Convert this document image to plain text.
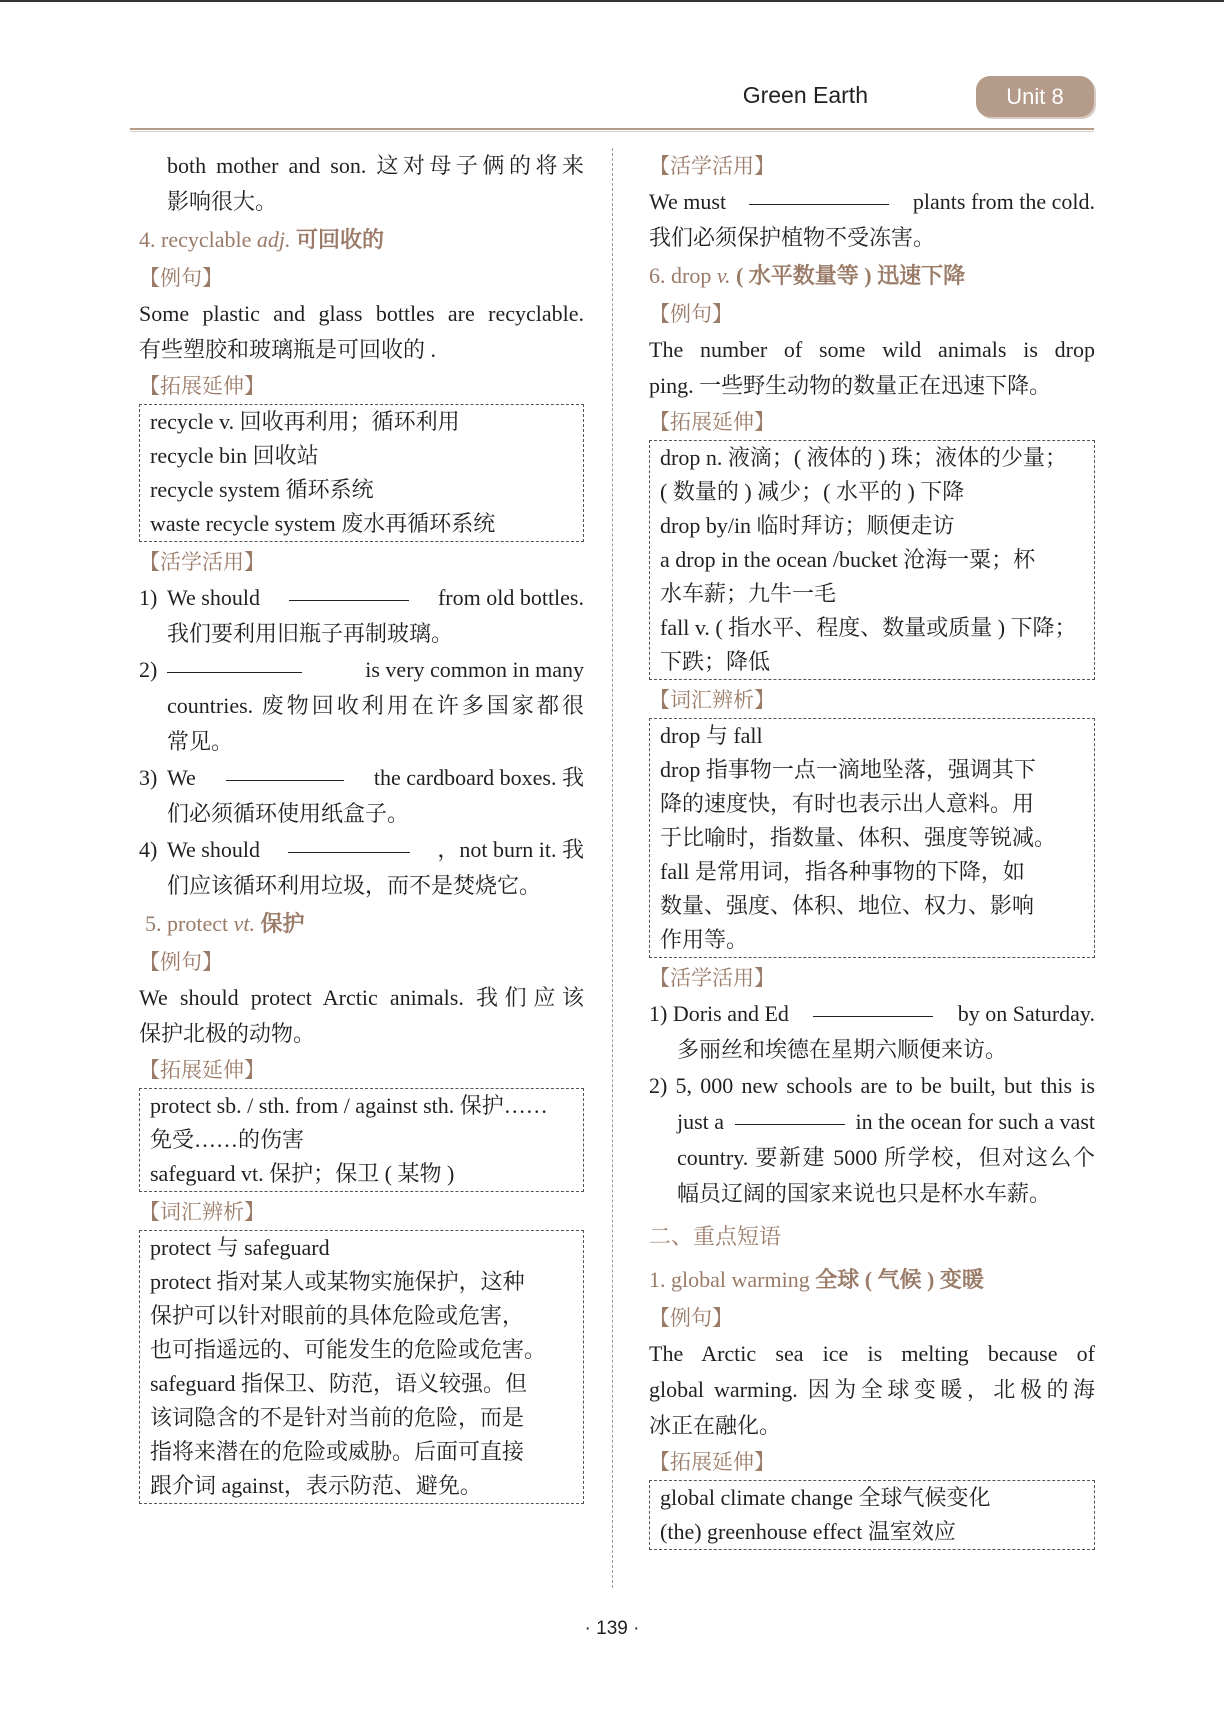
Green Earth	Unit 8

both mother and son. 这对母子俩的将来

影响很大。

4. recyclable adj. 可回收的
【例句】

Some plastic and glass bottles are recyclable.

有些塑胶和玻璃瓶是可回收的 .

【拓展延伸】

recycle v. 回收再利用；循环利用

recycle bin 回收站

recycle system 循环系统

waste recycle system 废水再循环系统

【活学活用】
1) We should	from old bottles.

我们要利用旧瓶子再制玻璃。

2)	is very common in many

countries. 废物回收利用在许多国家都很

常见。

3) We	the cardboard boxes. 我

们必须循环使用纸盒子。

4) We should	，not burn it. 我

们应该循环利用垃圾，而不是焚烧它。

5. protect vt. 保护
【例句】

We should protect Arctic animals. 我们应该

保护北极的动物。

【拓展延伸】

protect sb. / sth. from / against sth. 保护……

免受……的伤害

safeguard vt. 保护；保卫 ( 某物 )

【词汇辨析】

protect 与 safeguard

protect 指对某人或某物实施保护，这种

保护可以针对眼前的具体危险或危害，

也可指遥远的、可能发生的危险或危害。

safeguard 指保卫、防范，语义较强。但

该词隐含的不是针对当前的危险，而是

指将来潜在的危险或威胁。后面可直接

跟介词 against，表示防范、避免。

【活学活用】
We must	plants from the cold.

我们必须保护植物不受冻害。

6. drop v. ( 水平数量等 ) 迅速下降
【例句】

The number of some wild animals is drop

ping. 一些野生动物的数量正在迅速下降。

【拓展延伸】

drop n. 液滴；( 液体的 ) 珠；液体的少量；

( 数量的 ) 减少；( 水平的 ) 下降

drop by/in 临时拜访；顺便走访

a drop in the ocean /bucket 沧海一粟；杯

水车薪；九牛一毛

fall v. ( 指水平、程度、数量或质量 ) 下降；

下跌；降低

【词汇辨析】

drop 与 fall

drop 指事物一点一滴地坠落，强调其下

降的速度快，有时也表示出人意料。用

于比喻时，指数量、体积、强度等锐减。

fall 是常用词，指各种事物的下降，如

数量、强度、体积、地位、权力、影响

作用等。

【活学活用】
1) Doris and Ed	by on Saturday.

多丽丝和埃德在星期六顺便来访。

2) 5, 000 new schools are to be built, but this is

just a	in the ocean for such a vast

country. 要新建 5000 所学校，但对这么个

幅员辽阔的国家来说也只是杯水车薪。

二、重点短语
1. global warming 全球 ( 气候 ) 变暖
【例句】

The Arctic sea ice is melting because of

global warming. 因为全球变暖，北极的海

冰正在融化。

【拓展延伸】

global climate change 全球气候变化

(the) greenhouse effect 温室效应

· 139 ·
